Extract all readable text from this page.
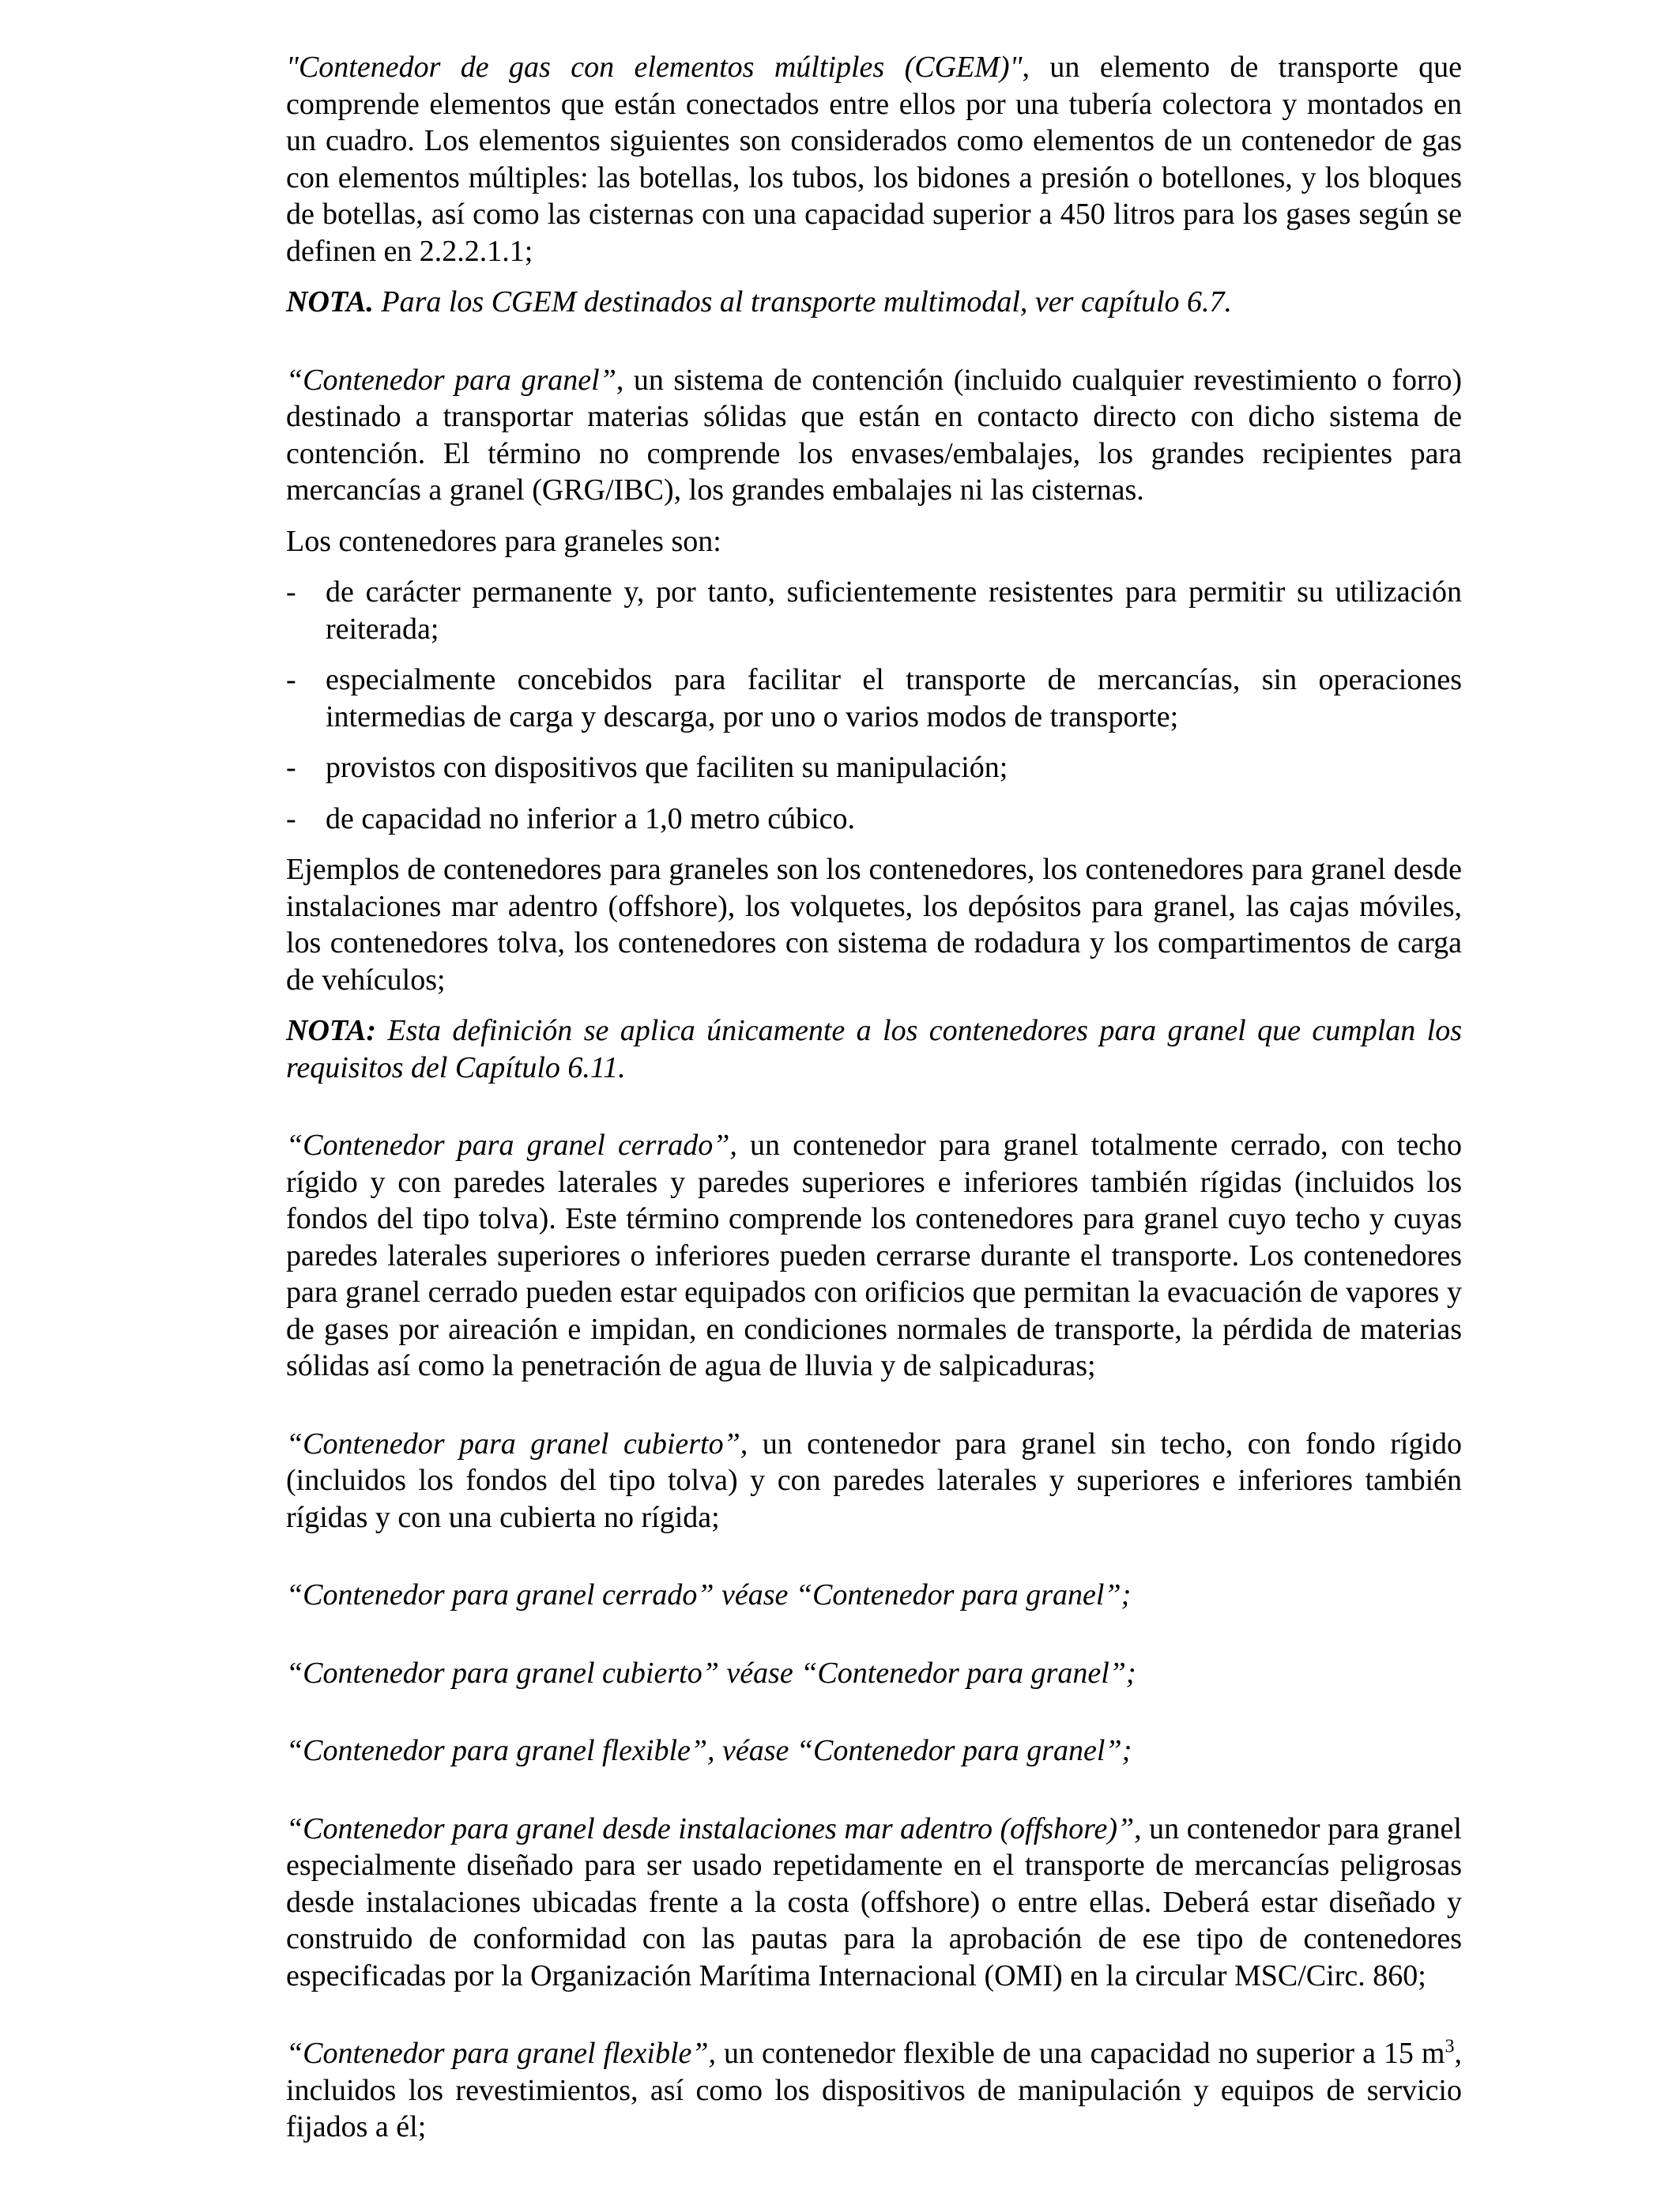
"Contenedor de gas con elementos múltiples (CGEM)", un elemento de transporte que comprende elementos que están conectados entre ellos por una tubería colectora y montados en un cuadro. Los elementos siguientes son considerados como elementos de un contenedor de gas con elementos múltiples: las botellas, los tubos, los bidones a presión o botellones, y los bloques de botellas, así como las cisternas con una capacidad superior a 450 litros para los gases según se definen en 2.2.2.1.1;

NOTA. Para los CGEM destinados al transporte multimodal, ver capítulo 6.7.

“Contenedor para granel”, un sistema de contención (incluido cualquier revestimiento o forro) destinado a transportar materias sólidas que están en contacto directo con dicho sistema de contención. El término no comprende los envases/embalajes, los grandes recipientes para mercancías a granel (GRG/IBC), los grandes embalajes ni las cisternas.

Los contenedores para graneles son:

- de carácter permanente y, por tanto, suficientemente resistentes para permitir su utilización reiterada;
- especialmente concebidos para facilitar el transporte de mercancías, sin operaciones intermedias de carga y descarga, por uno o varios modos de transporte;
- provistos con dispositivos que faciliten su manipulación;
- de capacidad no inferior a 1,0 metro cúbico.

Ejemplos de contenedores para graneles son los contenedores, los contenedores para granel desde instalaciones mar adentro (offshore), los volquetes, los depósitos para granel, las cajas móviles, los contenedores tolva, los contenedores con sistema de rodadura y los compartimentos de carga de vehículos;

NOTA: Esta definición se aplica únicamente a los contenedores para granel que cumplan los requisitos del Capítulo 6.11.

“Contenedor para granel cerrado”, un contenedor para granel totalmente cerrado, con techo rígido y con paredes laterales y paredes superiores e inferiores también rígidas (incluidos los fondos del tipo tolva). Este término comprende los contenedores para granel cuyo techo y cuyas paredes laterales superiores o inferiores pueden cerrarse durante el transporte. Los contenedores para granel cerrado pueden estar equipados con orificios que permitan la evacuación de vapores y de gases por aireación e impidan, en condiciones normales de transporte, la pérdida de materias sólidas así como la penetración de agua de lluvia y de salpicaduras;

“Contenedor para granel cubierto”, un contenedor para granel sin techo, con fondo rígido (incluidos los fondos del tipo tolva) y con paredes laterales y superiores e inferiores también rígidas y con una cubierta no rígida;

“Contenedor para granel cerrado” véase “Contenedor para granel”;

“Contenedor para granel cubierto” véase “Contenedor para granel”;

“Contenedor para granel flexible”, véase “Contenedor para granel”;

“Contenedor para granel desde instalaciones mar adentro (offshore)”, un contenedor para granel especialmente diseñado para ser usado repetidamente en el transporte de mercancías peligrosas desde instalaciones ubicadas frente a la costa (offshore) o entre ellas. Deberá estar diseñado y construido de conformidad con las pautas para la aprobación de ese tipo de contenedores especificadas por la Organización Marítima Internacional (OMI) en la circular MSC/Circ. 860;

“Contenedor para granel flexible”, un contenedor flexible de una capacidad no superior a 15 $m^3$, incluidos los revestimientos, así como los dispositivos de manipulación y equipos de servicio fijados a él;
